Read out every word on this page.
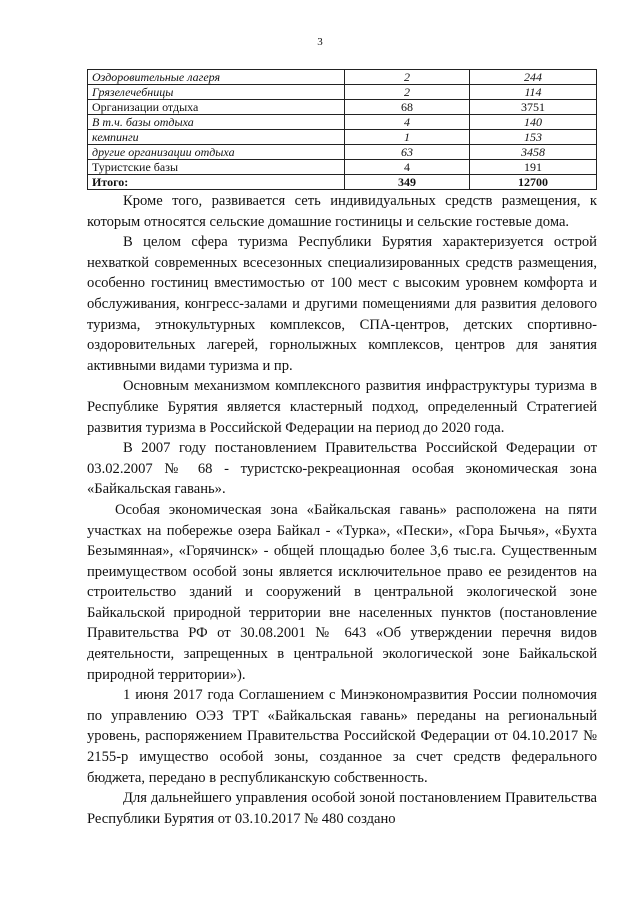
3
Оздоровительные лагеря	2	244
Грязелечебницы	2	114
Организации отдыха	68	3751
В т.ч. базы отдыха	4	140
кемпинги	1	153
другие организации отдыха	63	3458
Туристские базы	4	191
Итого:	349	12700

Кроме того, развивается сеть индивидуальных средств размещения, к которым относятся сельские домашние гостиницы и сельские гостевые дома.

В целом сфера туризма Республики Бурятия характеризуется острой нехваткой современных всесезонных специализированных средств размещения, особенно гостиниц вместимостью от 100 мест с высоким уровнем комфорта и обслуживания, конгресс-залами и другими помещениями для развития делового туризма, этнокультурных комплексов, СПА-центров, детских спортивно-оздоровительных лагерей, горнолыжных комплексов, центров для занятия активными видами туризма и пр.

Основным механизмом комплексного развития инфраструктуры туризма в Республике Бурятия является кластерный подход, определенный Стратегией развития туризма в Российской Федерации на период до 2020 года.

В 2007 году постановлением Правительства Российской Федерации от 03.02.2007 № 68 - туристско-рекреационная особая экономическая зона «Байкальская гавань».

Особая экономическая зона «Байкальская гавань» расположена на пяти участках на побережье озера Байкал - «Турка», «Пески», «Гора Бычья», «Бухта Безымянная», «Горячинск» - общей площадью более 3,6 тыс.га. Существенным преимуществом особой зоны является исключительное право ее резидентов на строительство зданий и сооружений в центральной экологической зоне Байкальской природной территории вне населенных пунктов (постановление Правительства РФ от 30.08.2001 № 643 «Об утверждении перечня видов деятельности, запрещенных в центральной экологической зоне Байкальской природной территории»).

1 июня 2017 года Соглашением с Минэкономразвития России полномочия по управлению ОЭЗ ТРТ «Байкальская гавань» переданы на региональный уровень, распоряжением Правительства Российской Федерации от 04.10.2017 № 2155-р имущество особой зоны, созданное за счет средств федерального бюджета, передано в республиканскую собственность.

Для дальнейшего управления особой зоной постановлением Правительства Республики Бурятия от 03.10.2017 № 480 создано
